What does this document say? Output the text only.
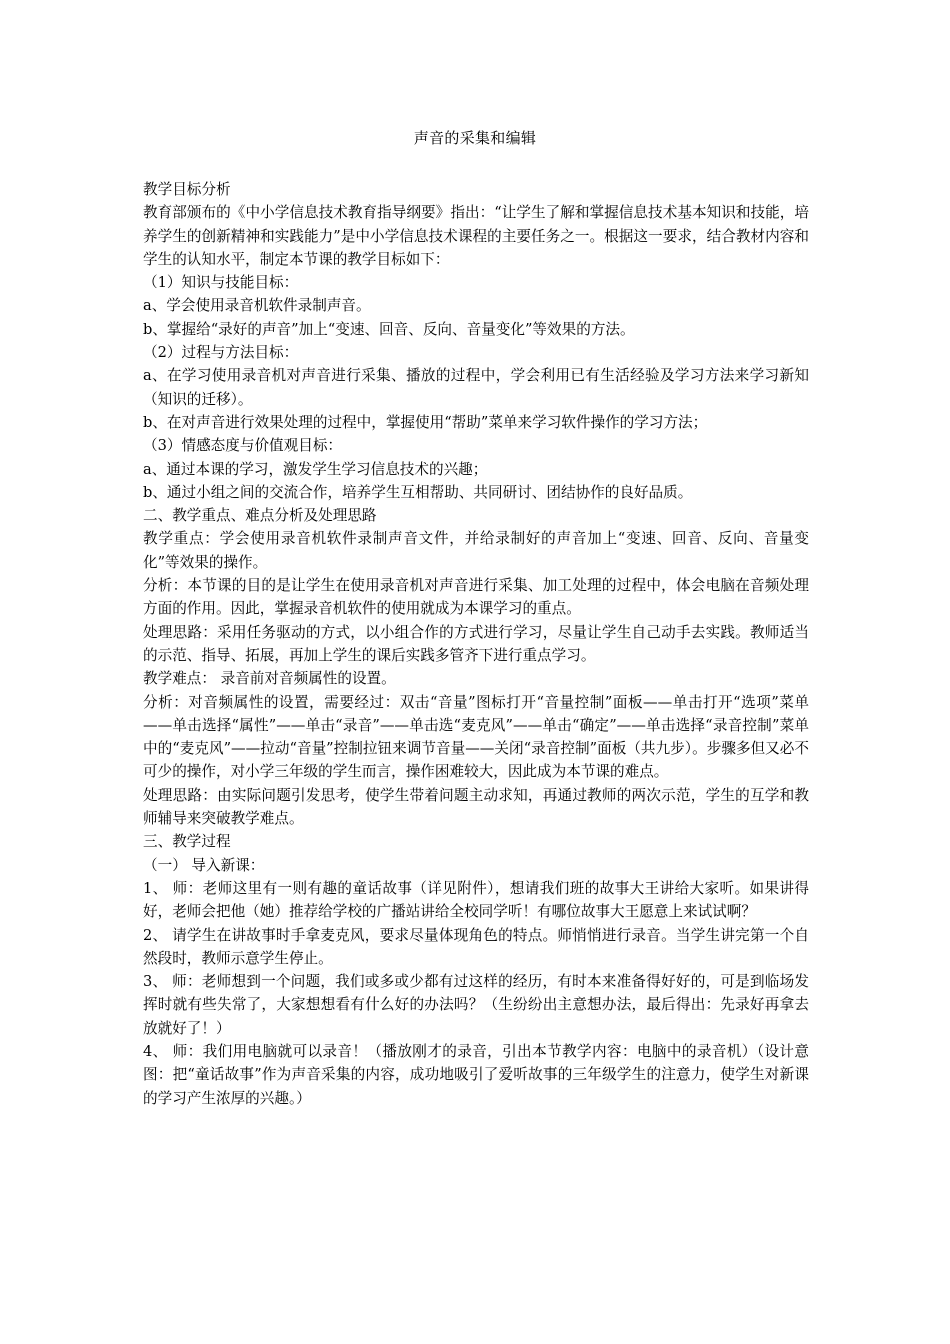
声音的采集和编辑

教学目标分析

教育部颁布的《中小学信息技术教育指导纲要》指出：“让学生了解和掌握信息技术基本知识和技能，培养学生的创新精神和实践能力”是中小学信息技术课程的主要任务之一。根据这一要求，结合教材内容和学生的认知水平，制定本节课的教学目标如下：

（1）知识与技能目标：

a、学会使用录音机软件录制声音。

b、掌握给“录好的声音”加上“变速、回音、反向、音量变化”等效果的方法。

（2）过程与方法目标：

a、在学习使用录音机对声音进行采集、播放的过程中，学会利用已有生活经验及学习方法来学习新知（知识的迁移）。

b、在对声音进行效果处理的过程中，掌握使用“帮助”菜单来学习软件操作的学习方法；

（3）情感态度与价值观目标：

a、通过本课的学习，激发学生学习信息技术的兴趣；

b、通过小组之间的交流合作，培养学生互相帮助、共同研讨、团结协作的良好品质。

二、教学重点、难点分析及处理思路

教学重点：学会使用录音机软件录制声音文件，并给录制好的声音加上“变速、回音、反向、音量变化”等效果的操作。

分析：本节课的目的是让学生在使用录音机对声音进行采集、加工处理的过程中，体会电脑在音频处理方面的作用。因此，掌握录音机软件的使用就成为本课学习的重点。

处理思路：采用任务驱动的方式，以小组合作的方式进行学习，尽量让学生自己动手去实践。教师适当的示范、指导、拓展，再加上学生的课后实践多管齐下进行重点学习。

教学难点： 录音前对音频属性的设置。

分析：对音频属性的设置，需要经过：双击“音量”图标打开“音量控制”面板——单击打开“选项”菜单——单击选择“属性”——单击“录音”——单击选“麦克风”——单击“确定”——单击选择“录音控制”菜单中的“麦克风”——拉动“音量”控制拉钮来调节音量——关闭“录音控制”面板（共九步）。步骤多但又必不可少的操作，对小学三年级的学生而言，操作困难较大，因此成为本节课的难点。

处理思路：由实际问题引发思考，使学生带着问题主动求知，再通过教师的两次示范，学生的互学和教师辅导来突破教学难点。

三、教学过程

（一） 导入新课：

1、 师：老师这里有一则有趣的童话故事（详见附件），想请我们班的故事大王讲给大家听。如果讲得好，老师会把他（她）推荐给学校的广播站讲给全校同学听！有哪位故事大王愿意上来试试啊？

2、 请学生在讲故事时手拿麦克风，要求尽量体现角色的特点。师悄悄进行录音。当学生讲完第一个自然段时，教师示意学生停止。

3、 师：老师想到一个问题，我们或多或少都有过这样的经历，有时本来准备得好好的，可是到临场发挥时就有些失常了，大家想想看有什么好的办法吗？（生纷纷出主意想办法，最后得出：先录好再拿去放就好了！）

4、 师：我们用电脑就可以录音！（播放刚才的录音，引出本节教学内容：电脑中的录音机）（设计意图：把“童话故事”作为声音采集的内容，成功地吸引了爱听故事的三年级学生的注意力，使学生对新课的学习产生浓厚的兴趣。）
